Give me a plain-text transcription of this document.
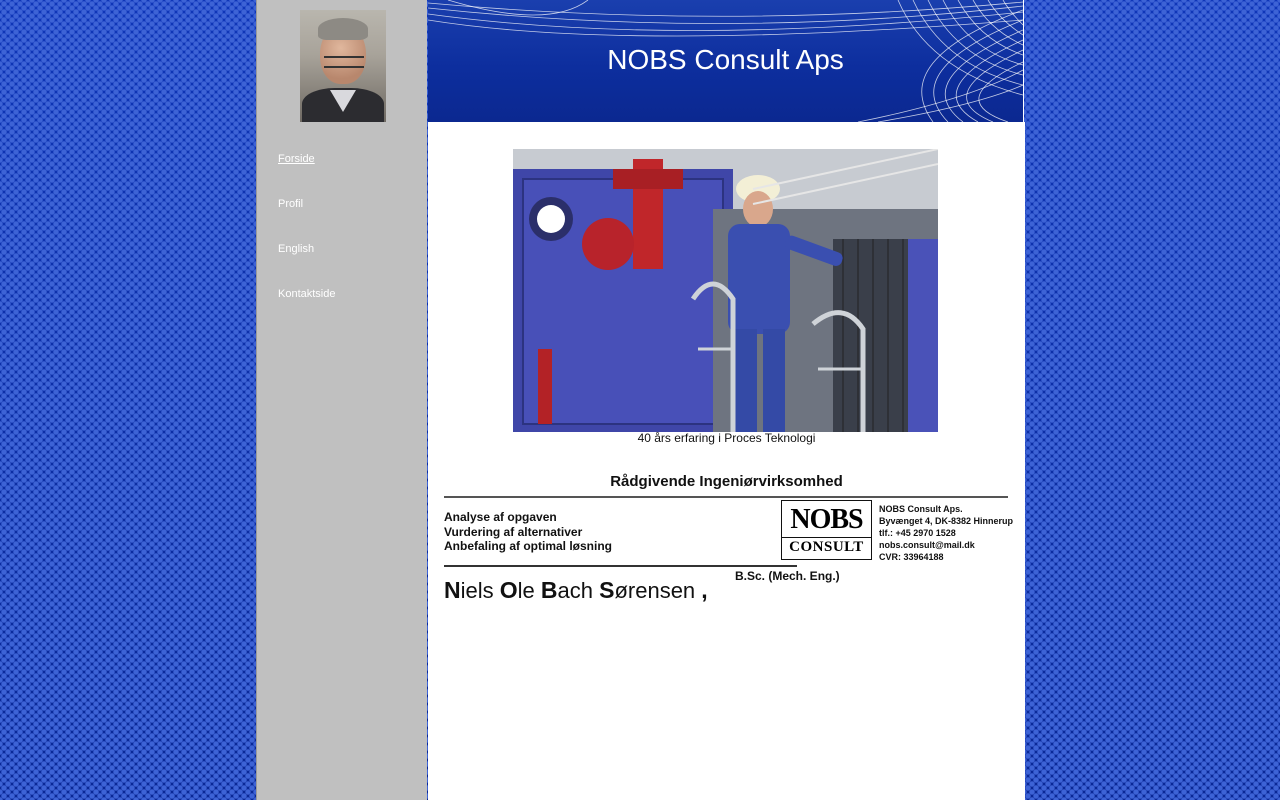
Forside
Profil
English
Kontaktside
NOBS Consult Aps
40 års erfaring i Proces Teknologi
Rådgivende Ingeniørvirksomhed
Analyse af opgaven
Vurdering af alternativer
Anbefaling af optimal løsning
NOBS
CONSULT
NOBS Consult Aps.
Byvænget 4, DK-8382 Hinnerup
tlf.: +45 2970 1528
nobs.consult@mail.dk
CVR: 33964188
B.Sc. (Mech. Eng.)
Niels Ole Bach Sørensen ,
